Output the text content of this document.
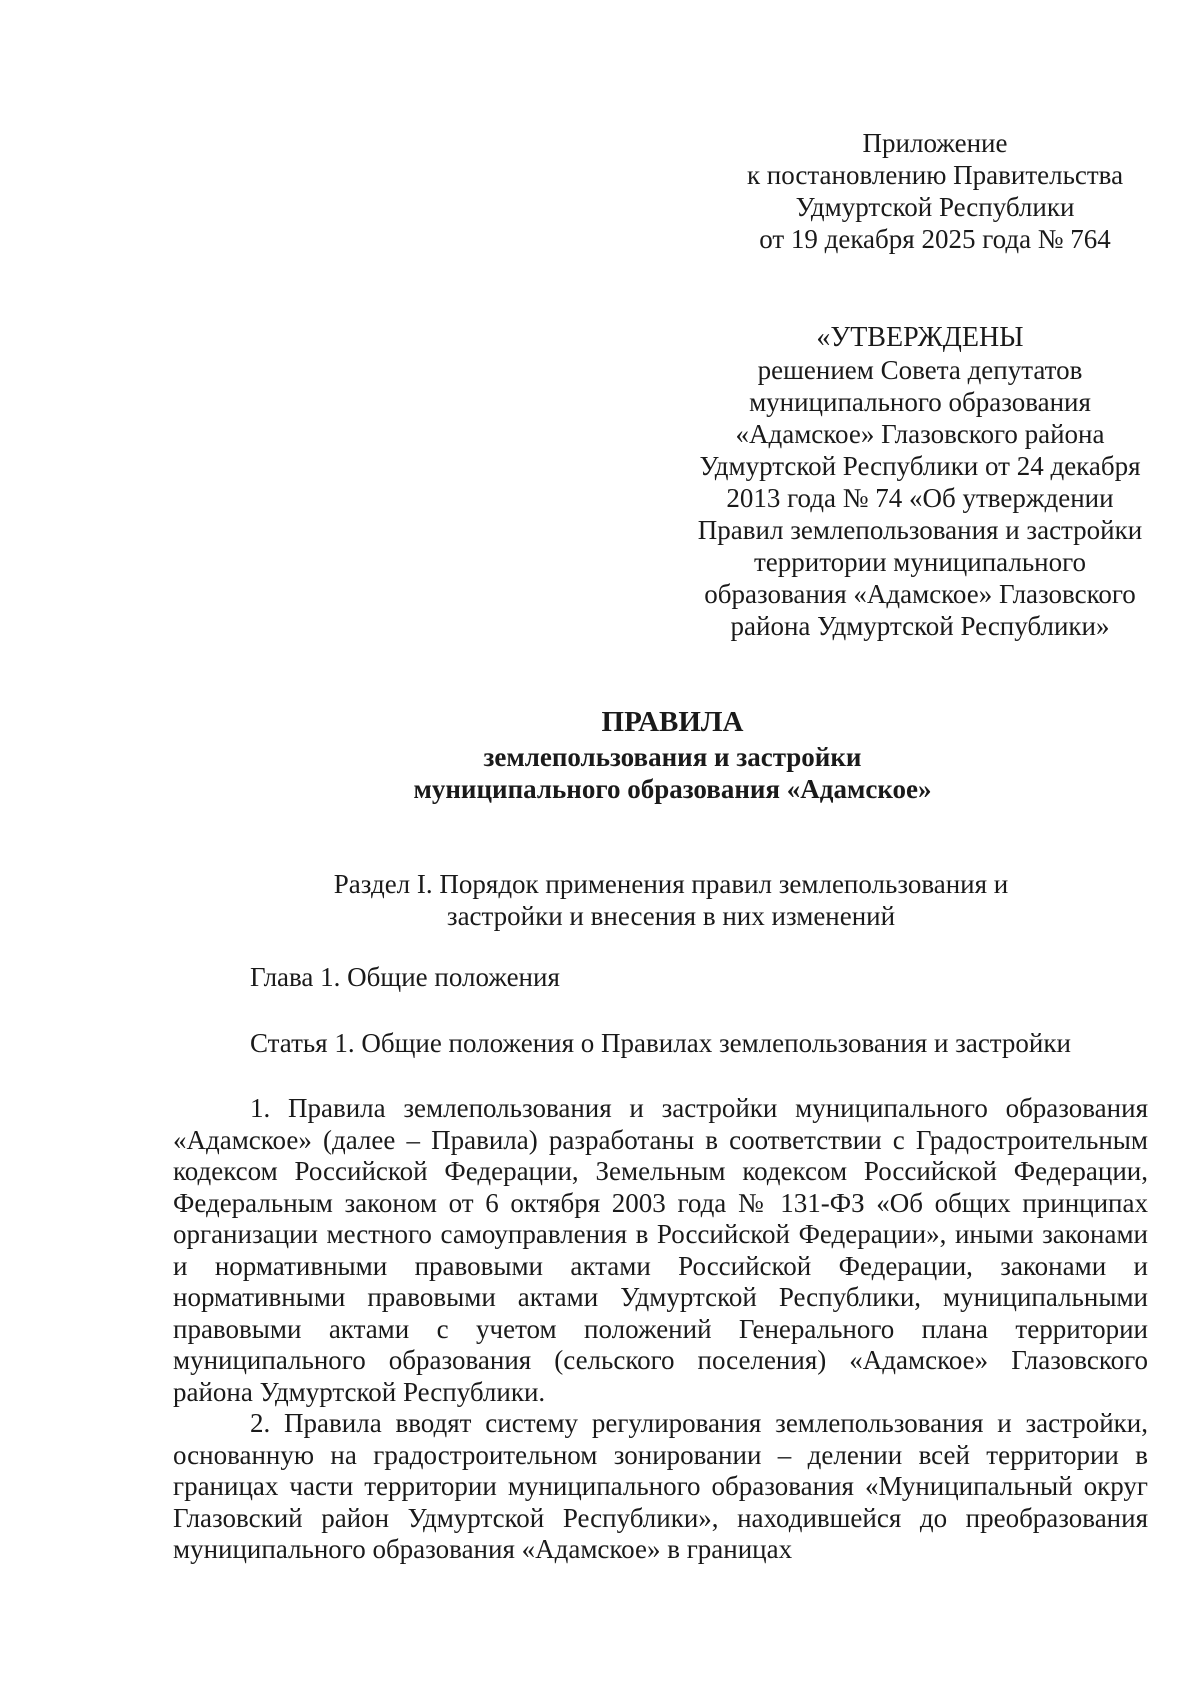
Приложение
к постановлению Правительства
Удмуртской Республики
от 19 декабря 2025 года № 764
«УТВЕРЖДЕНЫ
решением Совета депутатов
муниципального образования
«Адамское» Глазовского района
Удмуртской Республики от 24 декабря
2013 года № 74 «Об утверждении
Правил землепользования и застройки
территории муниципального
образования «Адамское» Глазовского
района Удмуртской Республики»
ПРАВИЛА
землепользования и застройки
муниципального образования «Адамское»
Раздел I. Порядок применения правил землепользования и
застройки и внесения в них изменений
Глава 1. Общие положения
Статья 1. Общие положения о Правилах землепользования и застройки

1. Правила землепользования и застройки муниципального образования «Адамское» (далее – Правила) разработаны в соответствии с Градостроительным кодексом Российской Федерации, Земельным кодексом Российской Федерации, Федеральным законом от 6 октября 2003 года № 131-ФЗ «Об общих принципах организации местного самоуправления в Российской Федерации», иными законами и нормативными правовыми актами Российской Федерации, законами и нормативными правовыми актами Удмуртской Республики, муниципальными правовыми актами с учетом положений Генерального плана территории муниципального образования (сельского поселения) «Адамское» Глазовского района Удмуртской Республики.

2. Правила вводят систему регулирования землепользования и застройки, основанную на градостроительном зонировании – делении всей территории в границах части территории муниципального образования «Муниципальный округ Глазовский район Удмуртской Республики», находившейся до преобразования муниципального образования «Адамское» в границах
